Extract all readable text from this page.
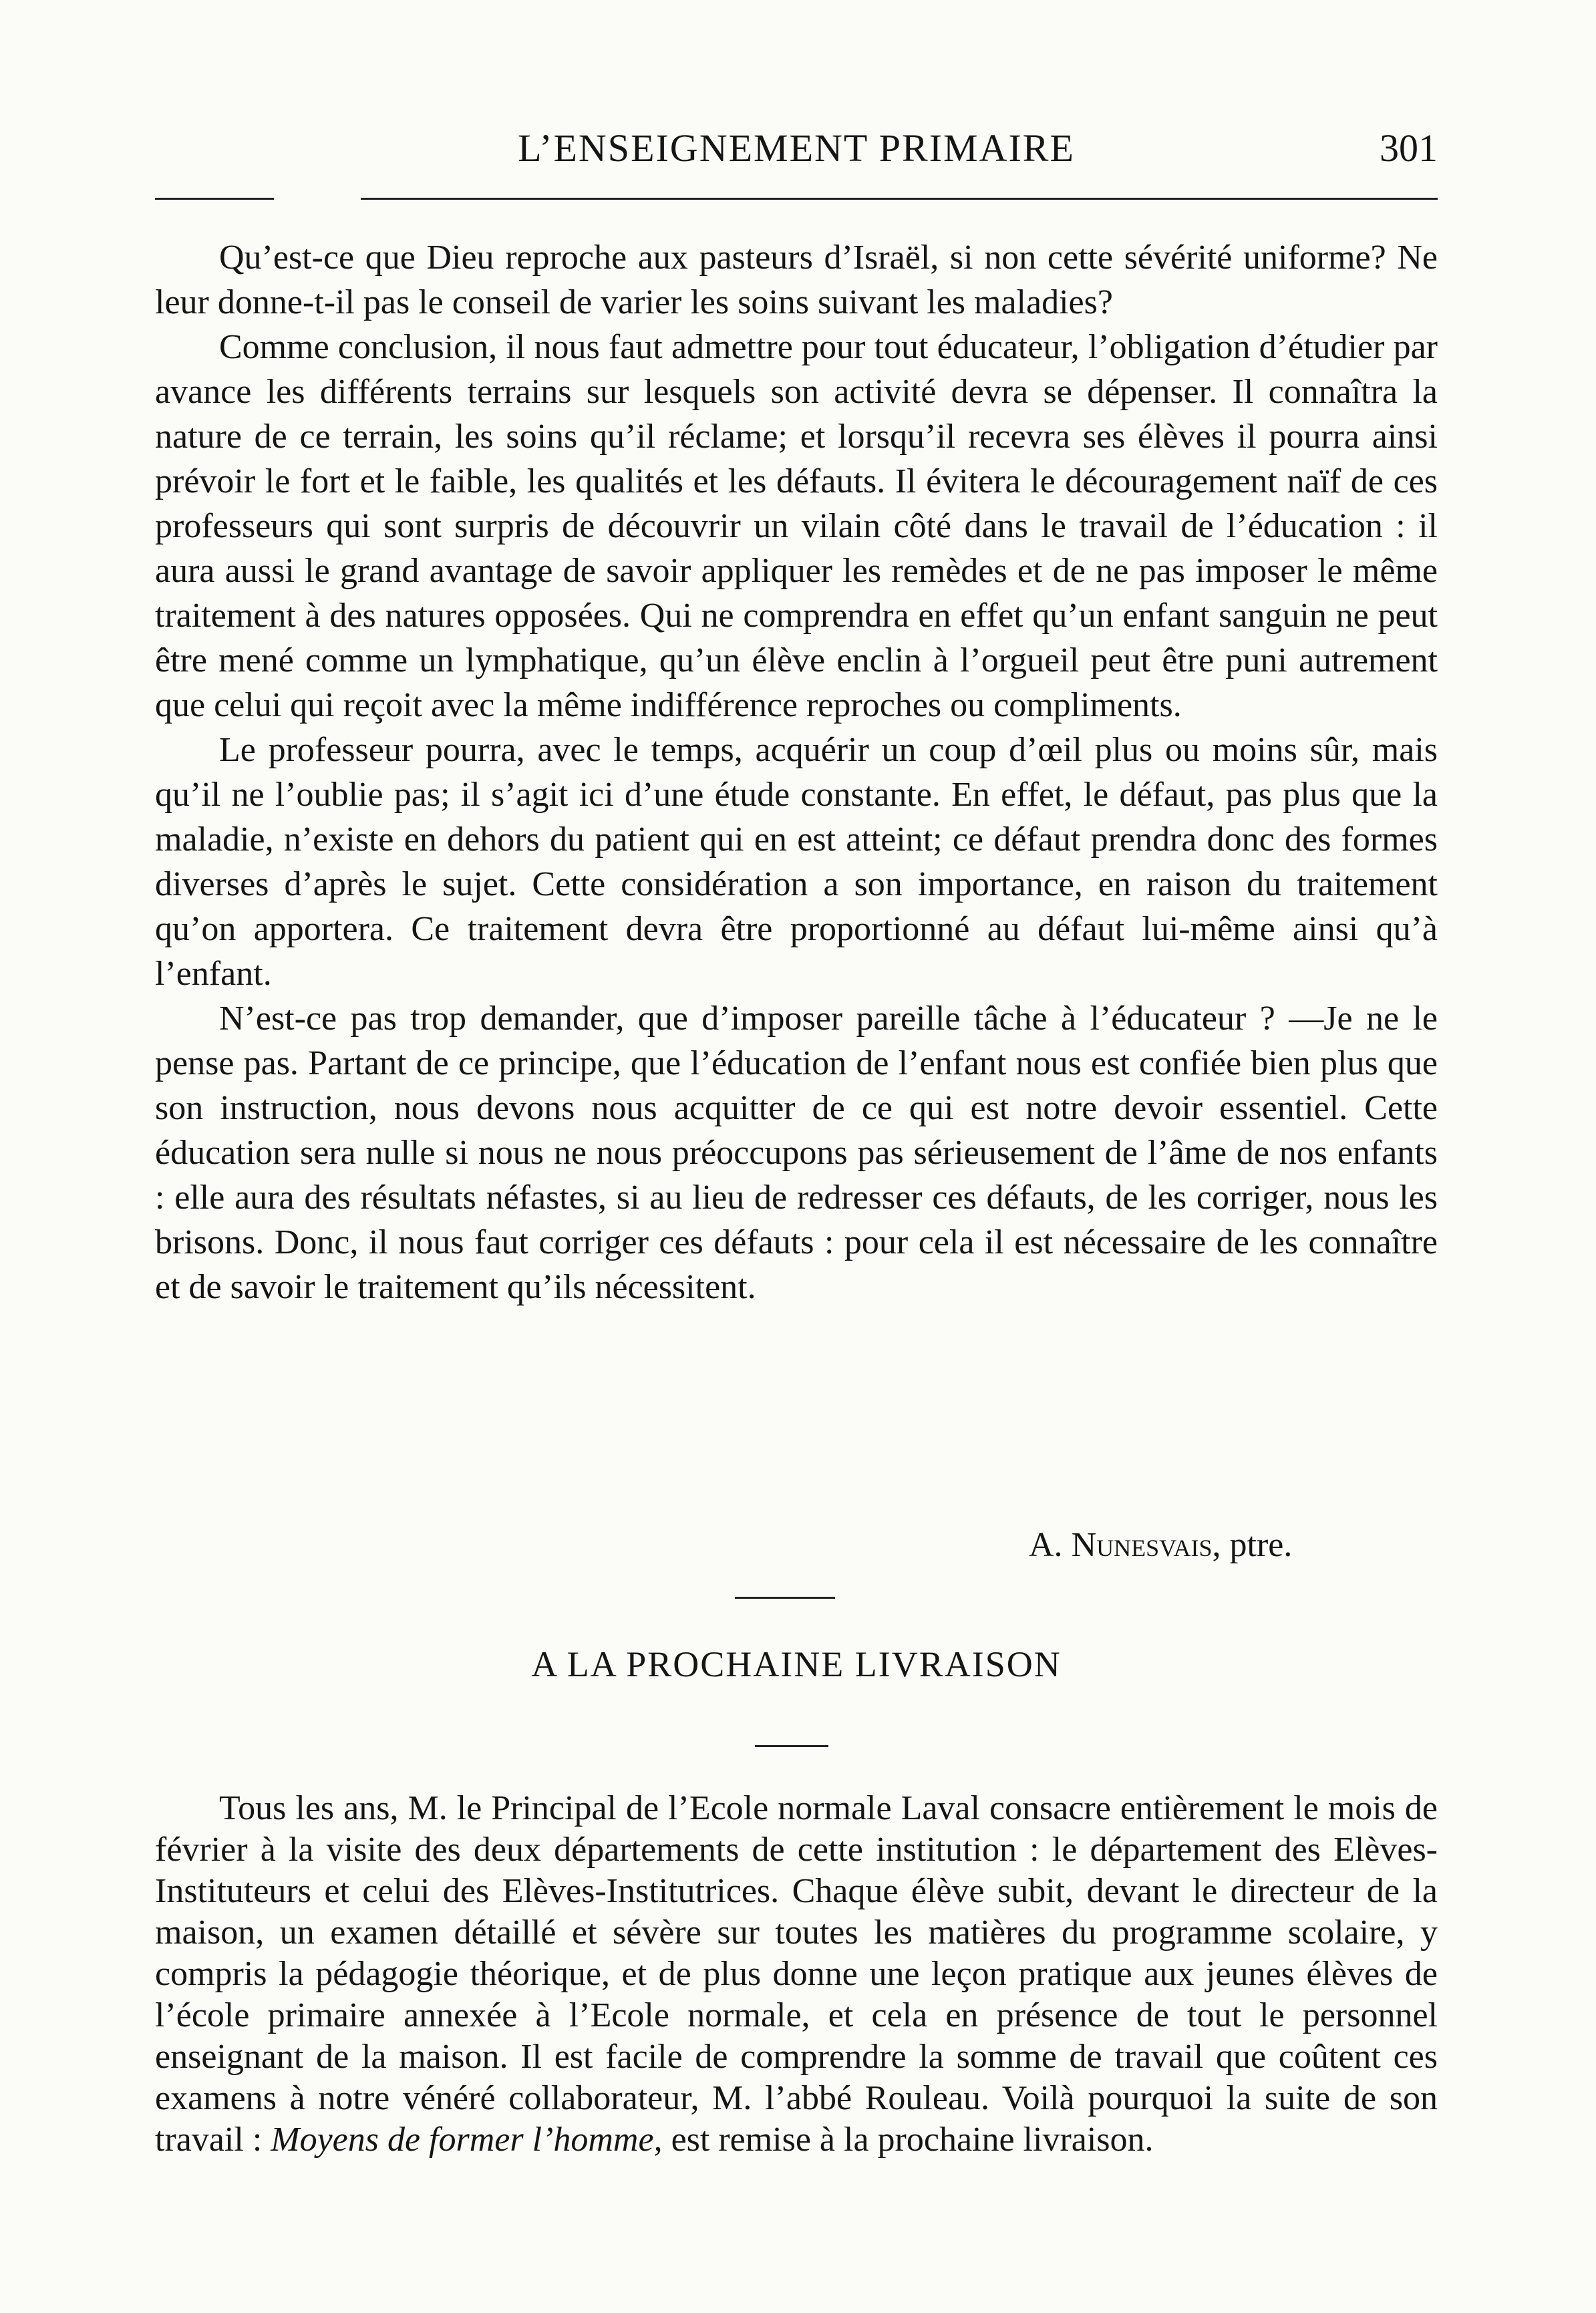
L’ENSEIGNEMENT PRIMAIRE	301

Qu’est-ce que Dieu reproche aux pasteurs d’Israël, si non cette sévérité uniforme? Ne leur donne-t-il pas le conseil de varier les soins suivant les maladies?

Comme conclusion, il nous faut admettre pour tout éducateur, l’obligation d’étudier par avance les différents terrains sur lesquels son activité devra se dépenser. Il connaîtra la nature de ce terrain, les soins qu’il réclame; et lorsqu’il recevra ses élèves il pourra ainsi prévoir le fort et le faible, les qualités et les défauts. Il évitera le découragement naïf de ces professeurs qui sont surpris de découvrir un vilain côté dans le travail de l’éducation : il aura aussi le grand avantage de savoir appliquer les remèdes et de ne pas imposer le même traitement à des natures opposées. Qui ne comprendra en effet qu’un enfant sanguin ne peut être mené comme un lymphatique, qu’un élève enclin à l’orgueil peut être puni autrement que celui qui reçoit avec la même indifférence reproches ou compliments.

Le professeur pourra, avec le temps, acquérir un coup d’œil plus ou moins sûr, mais qu’il ne l’oublie pas; il s’agit ici d’une étude constante. En effet, le défaut, pas plus que la maladie, n’existe en dehors du patient qui en est atteint; ce défaut prendra donc des formes diverses d’après le sujet. Cette considération a son importance, en raison du traitement qu’on apportera. Ce traitement devra être proportionné au défaut lui-même ainsi qu’à l’enfant.

N’est-ce pas trop demander, que d’imposer pareille tâche à l’éducateur ? —Je ne le pense pas. Partant de ce principe, que l’éducation de l’enfant nous est confiée bien plus que son instruction, nous devons nous acquitter de ce qui est notre devoir essentiel. Cette éducation sera nulle si nous ne nous préoccupons pas sérieusement de l’âme de nos enfants : elle aura des résultats néfastes, si au lieu de redresser ces défauts, de les corriger, nous les brisons. Donc, il nous faut corriger ces défauts : pour cela il est nécessaire de les connaître et de savoir le traitement qu’ils nécessitent.

A. Nunesvais, ptre.
A LA PROCHAINE LIVRAISON

Tous les ans, M. le Principal de l’Ecole normale Laval consacre entièrement le mois de février à la visite des deux départements de cette institution : le département des Elèves-Instituteurs et celui des Elèves-Institutrices. Chaque élève subit, devant le directeur de la maison, un examen détaillé et sévère sur toutes les matières du programme scolaire, y compris la pédagogie théorique, et de plus donne une leçon pratique aux jeunes élèves de l’école primaire annexée à l’Ecole normale, et cela en présence de tout le personnel enseignant de la maison. Il est facile de comprendre la somme de travail que coûtent ces examens à notre vénéré collaborateur, M. l’abbé Rouleau. Voilà pourquoi la suite de son travail : Moyens de former l’homme, est remise à la prochaine livraison.
